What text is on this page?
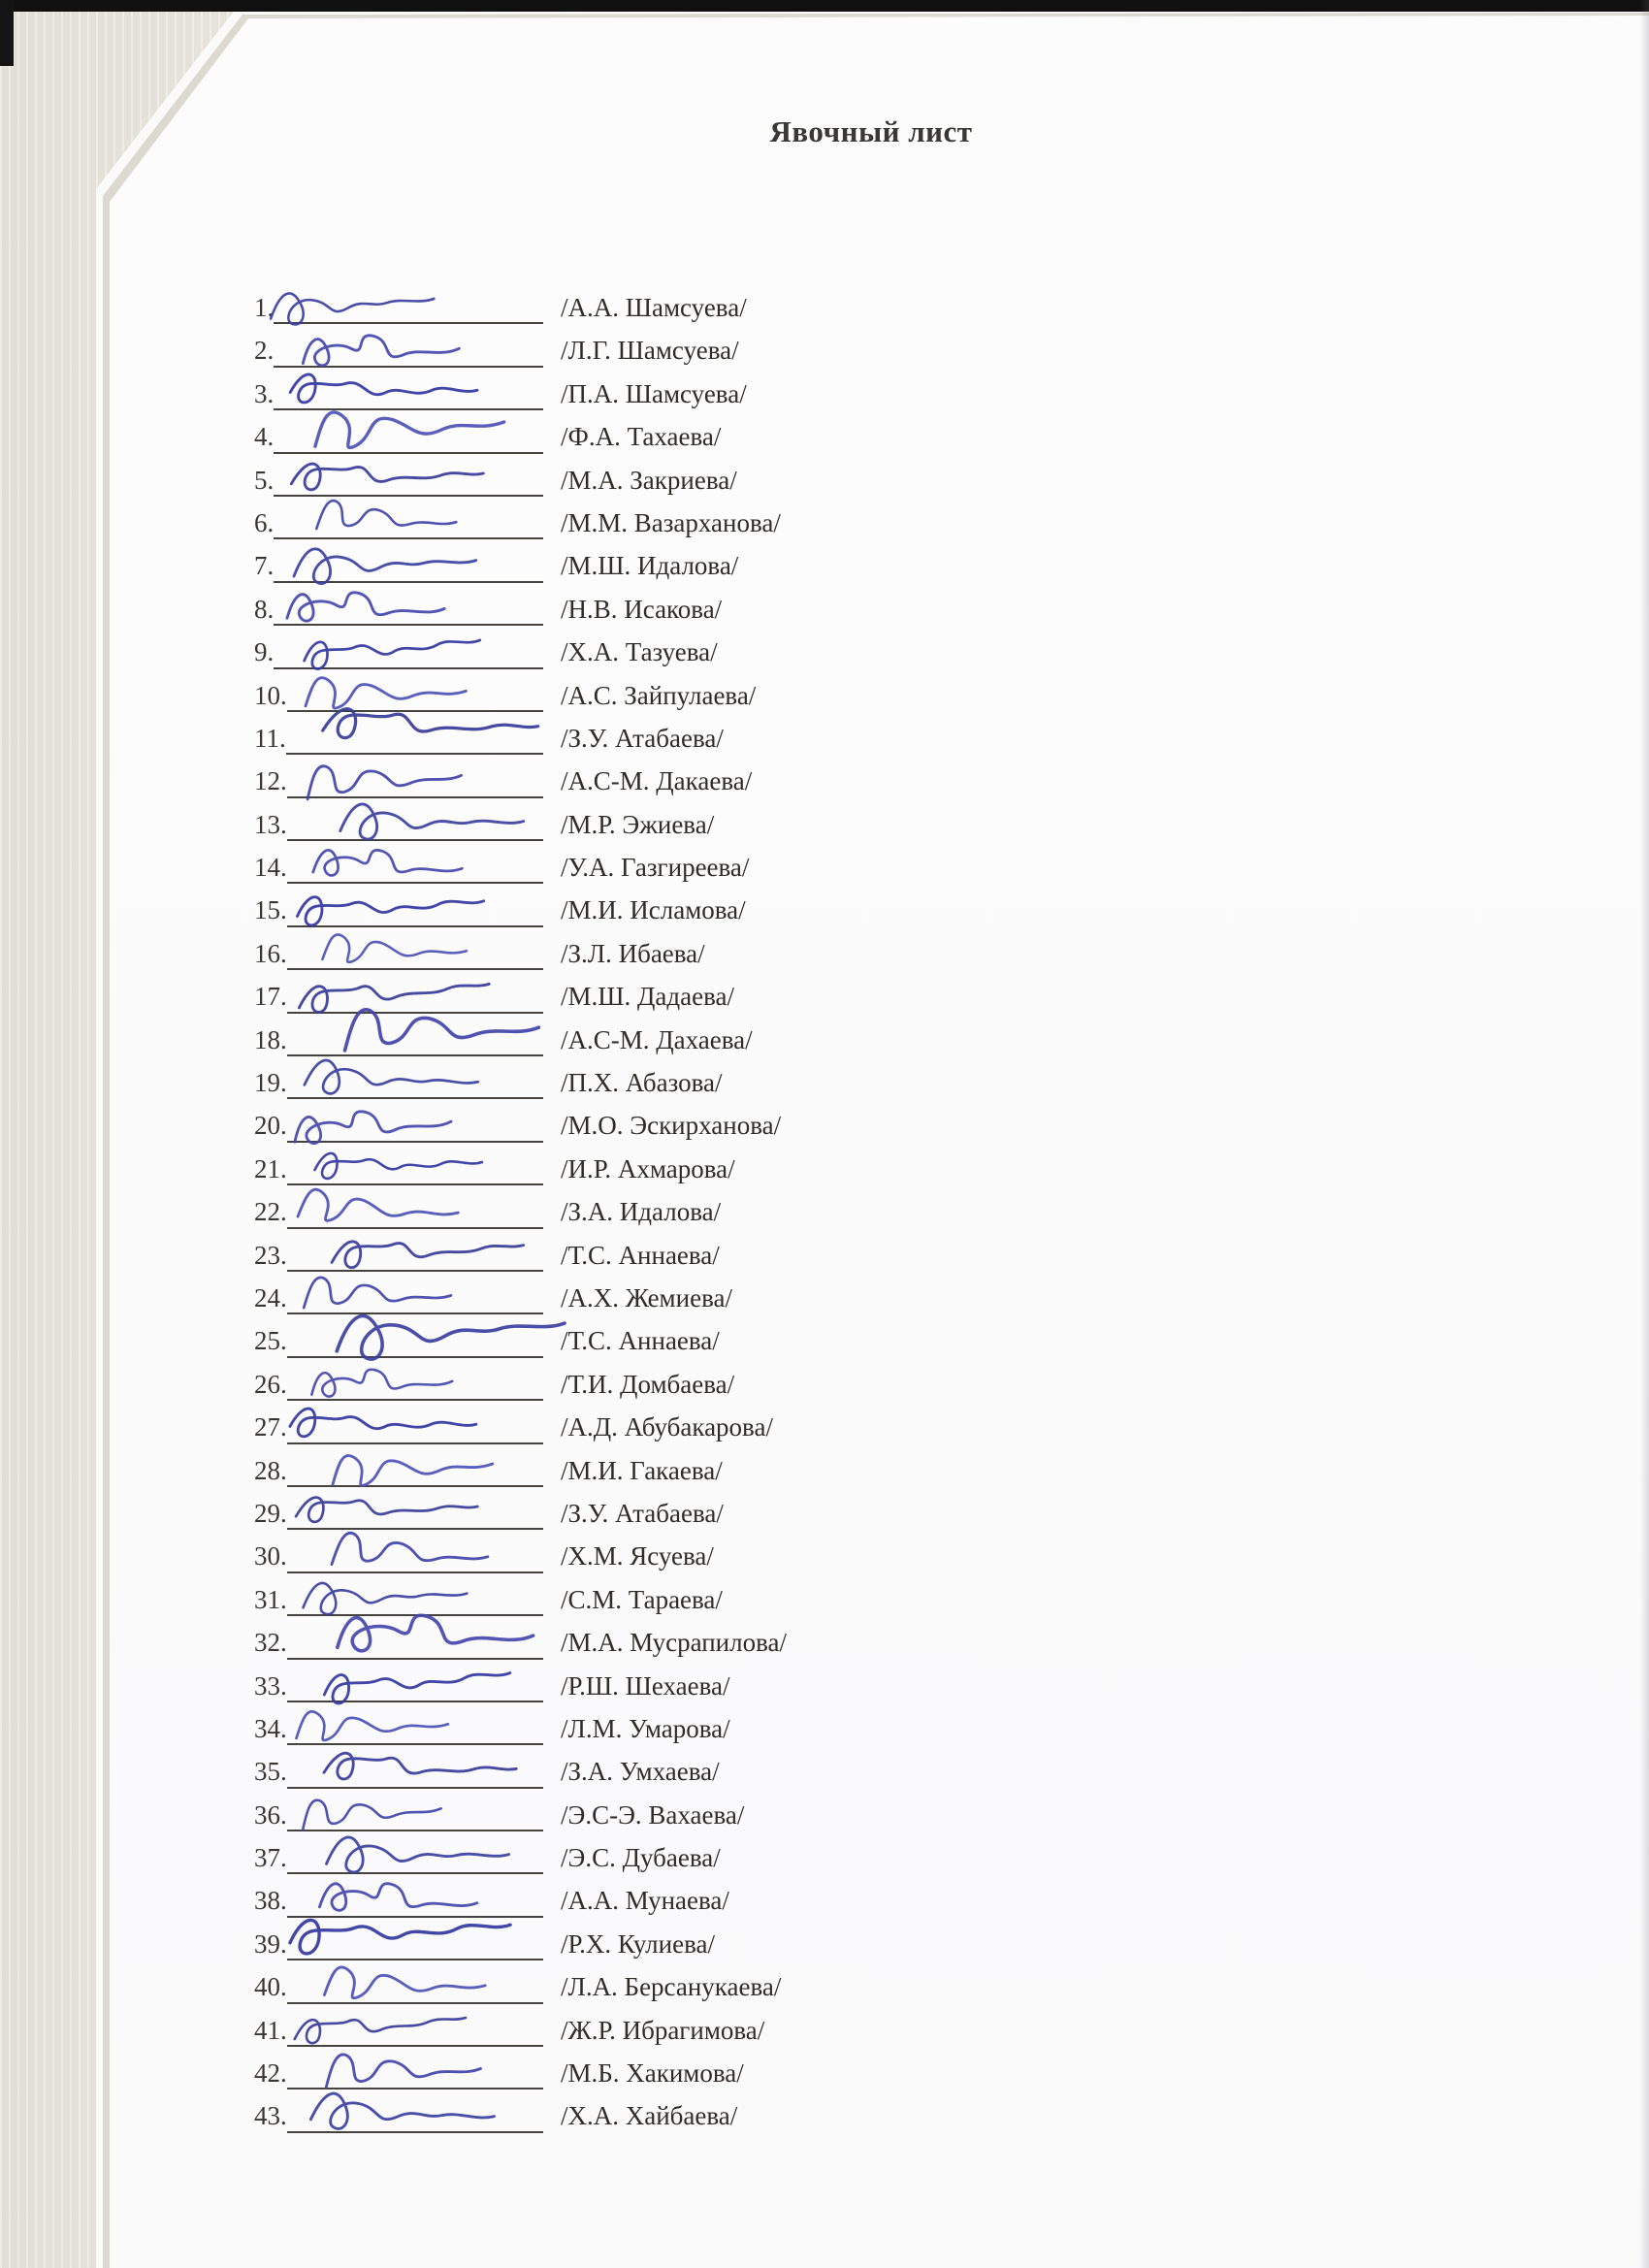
Явочный лист
1.	/А.А. Шамсуева/
2.	/Л.Г. Шамсуева/
3.	/П.А. Шамсуева/
4.	/Ф.А. Тахаева/
5.	/М.А. Закриева/
6.	/М.М. Вазарханова/
7.	/М.Ш. Идалова/
8.	/Н.В. Исакова/
9.	/Х.А. Тазуева/
10.	/А.С. Зайпулаева/
11.	/З.У. Атабаева/
12.	/А.С-М. Дакаева/
13.	/М.Р. Эжиева/
14.	/У.А. Газгиреева/
15.	/М.И. Исламова/
16.	/З.Л. Ибаева/
17.	/М.Ш. Дадаева/
18.	/А.С-М. Дахаева/
19.	/П.Х. Абазова/
20.	/М.О. Эскирханова/
21.	/И.Р. Ахмарова/
22.	/З.А. Идалова/
23.	/Т.С. Аннаева/
24.	/А.Х. Жемиева/
25.	/Т.С. Аннаева/
26.	/Т.И. Домбаева/
27.	/А.Д. Абубакарова/
28.	/М.И. Гакаева/
29.	/З.У. Атабаева/
30.	/Х.М. Ясуева/
31.	/С.М. Тараева/
32.	/М.А. Мусрапилова/
33.	/Р.Ш. Шехаева/
34.	/Л.М. Умарова/
35.	/З.А. Умхаева/
36.	/Э.С-Э. Вахаева/
37.	/Э.С. Дубаева/
38.	/А.А. Мунаева/
39.	/Р.Х. Кулиева/
40.	/Л.А. Берсанукаева/
41.	/Ж.Р. Ибрагимова/
42.	/М.Б. Хакимова/
43.	/Х.А. Хайбаева/
